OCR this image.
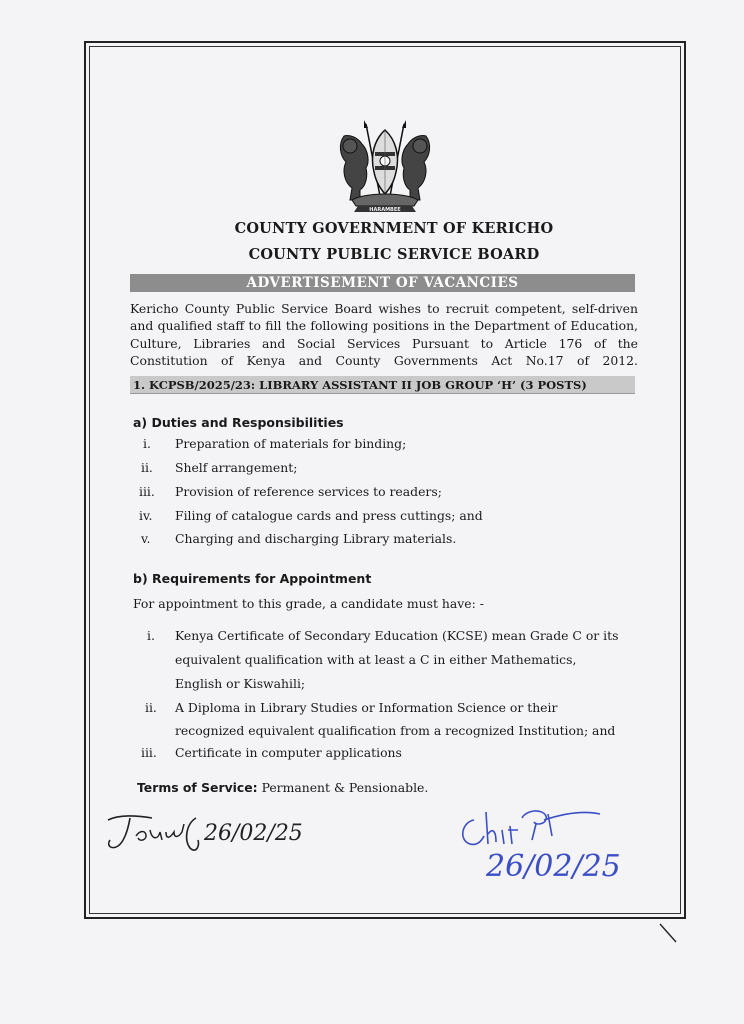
HARAMBEE
COUNTY GOVERNMENT OF KERICHO
COUNTY PUBLIC SERVICE BOARD
ADVERTISEMENT OF VACANCIES
Kericho County Public Service Board wishes to recruit competent, self-driven and qualified staff to fill the following positions in the Department of Education, Culture, Libraries and Social Services Pursuant to Article 176 of the Constitution of Kenya and County Governments Act No.17 of 2012.
1. KCPSB/2025/23: LIBRARY ASSISTANT II JOB GROUP ‘H’ (3 POSTS)
a) Duties and Responsibilities
i.	Preparation of materials for binding;
ii.	Shelf arrangement;
iii.	Provision of reference services to readers;
iv.	Filing of catalogue cards and press cuttings; and
v.	Charging and discharging Library materials.
b) Requirements for Appointment
For appointment to this grade, a candidate must have: -
i.	Kenya Certificate of Secondary Education (KCSE) mean Grade C or its
equivalent qualification with at least a C in either Mathematics,
English or Kiswahili;
ii.	A Diploma in Library Studies or Information Science or their
recognized equivalent qualification from a recognized Institution; and
iii.	Certificate in computer applications
Terms of Service: Permanent & Pensionable.
26/02/25
26/02/25
